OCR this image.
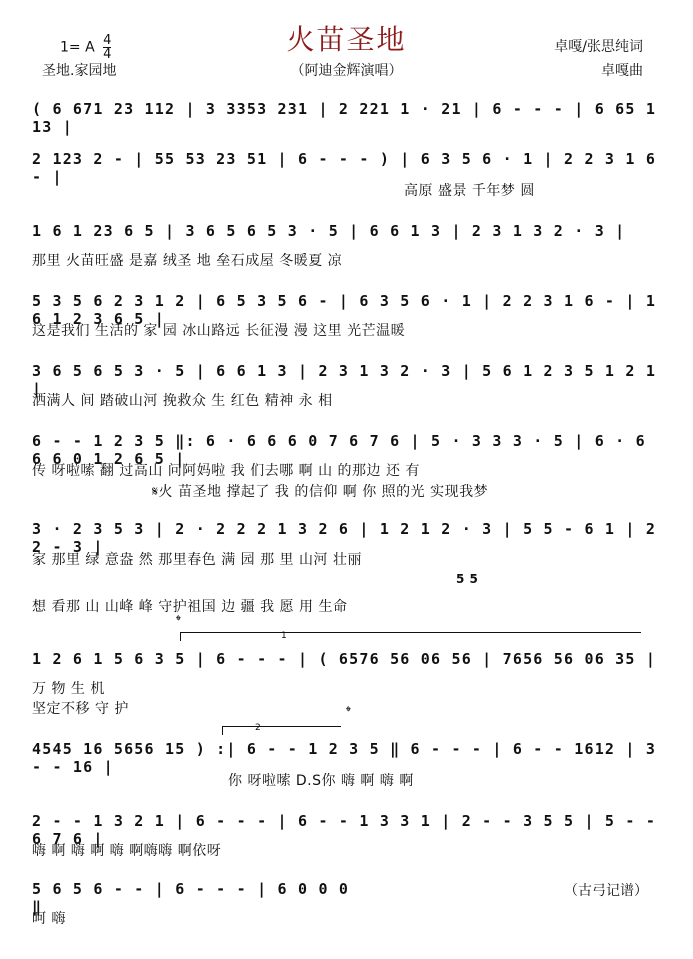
火苗圣地
1= A $\frac{4}{4}$
圣地.家园地	（阿迪金辉演唱）
卓嘎/张思纯词
卓嘎曲
( 6 671 23 112 | 3 3353 231 | 2 221 1 · 21 | 6 - - - | 6 65 1 13 |
2 123 2 - | 55 53 23 51 | 6 - - - ) | 6 3 5 6 · 1 | 2 2 3 1 6 - |
高原 盛景 千年梦 圆
1 6 1 23 6 5 | 3 6 5 6 5 3 · 5 | 6 6 1 3 | 2 3 1 3 2 · 3 |
那里 火苗旺盛 是嘉 绒圣 地 垒石成屋 冬暖夏 凉
5 3 5 6 2 3 1 2 | 6 5 3 5 6 - | 6 3 5 6 · 1 | 2 2 3 1 6 - | 1 6 1 2 3 6 5 |
这是我们 生活的 家 园 冰山路远 长征漫 漫 这里 光芒温暖
3 6 5 6 5 3 · 5 | 6 6 1 3 | 2 3 1 3 2 · 3 | 5 6 1 2 3 5 1 2 1 |
洒满人 间 踏破山河 挽救众 生 红色 精神 永 相
6 - - 1 2 3 5 ‖: 6 · 6 6 6 0 7 6 7 6 | 5 · 3 3 3 · 5 | 6 · 6 6 6 0 1 2 6 5 |
传 呀啦嗦 翻 过高山 问阿妈啦 我 们去哪 啊 山 的那边 还 有
𝄋火 苗圣地 撑起了 我 的信仰 啊 你 照的光 实现我梦
3 · 2 3 5 3 | 2 · 2 2 2 1 3 2 6 | 1 2 1 2 · 3 | 5 5 - 6 1 | 2 2 - 3 |
家 那里 绿 意盎 然 那里春色 满 园 那 里 山河 壮丽
5 5
想 看那 山 山峰 峰 守护祖国 边 疆 我 愿 用 生命
1
𝄌
1 2 6 1 5 6 3 5 | 6 - - - | ( 6576 56 06 56 | 7656 56 06 35 |
万 物 生 机
坚定不移 守 护
2
𝄌
4545 16 5656 15 ) :| 6 - - 1 2 3 5 ‖ 6 - - - | 6 - - 1612 | 3 - - 16 |
你 呀啦嗦 D.S你 嗨 啊 嗨 啊
2 - - 1 3 2 1 | 6 - - - | 6 - - 1 3 3 1 | 2 - - 3 5 5 | 5 - - 6 7 6 |
嗨 啊 嗨 啊 嗨 啊嗨嗨 啊依呀
5 6 5 6 - - | 6 - - - | 6 0 0 0 ‖
呵 嗨
（古弓记谱）
